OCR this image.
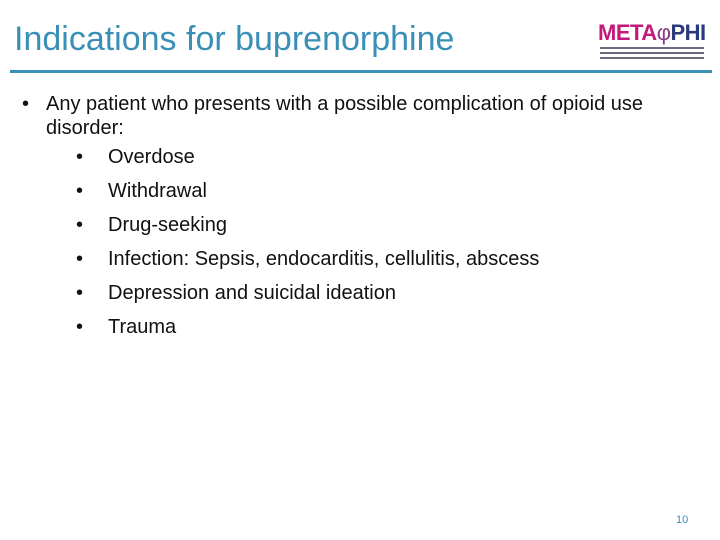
Indications for buprenorphine	METAφPHI
• Any patient who presents with a possible complication of opioid use disorder:
• Overdose
• Withdrawal
• Drug-seeking
• Infection: Sepsis, endocarditis, cellulitis, abscess
• Depression and suicidal ideation
• Trauma
10
